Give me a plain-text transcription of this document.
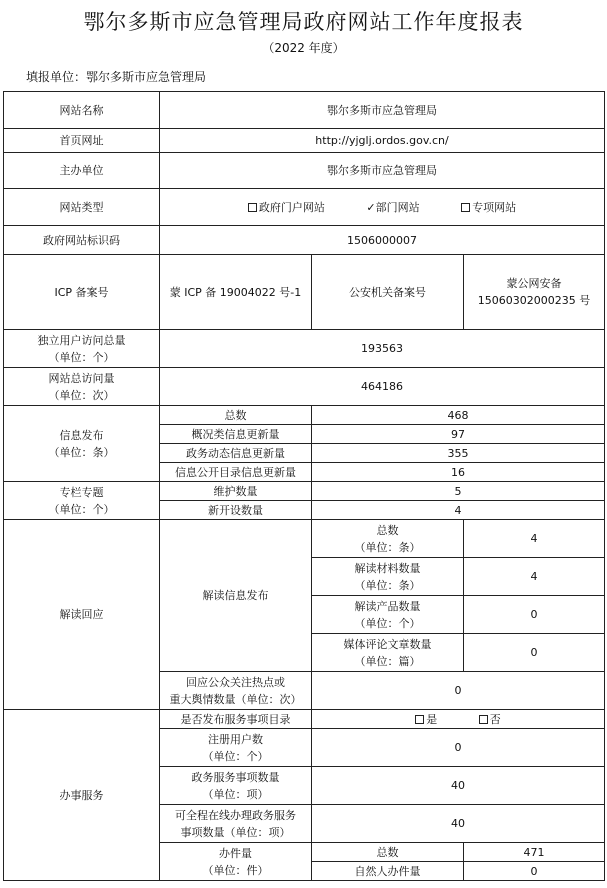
鄂尔多斯市应急管理局政府网站工作年度报表
（2022 年度）
填报单位：鄂尔多斯市应急管理局
网站名称	鄂尔多斯市应急管理局		
首页网址	http://yjglj.ordos.gov.cn/		
主办单位	鄂尔多斯市应急管理局		
网站类型	政府门户网站 ✓部门网站 专项网站		
政府网站标识码	1506000007		
ICP 备案号	蒙 ICP 备 19004022 号-1	公安机关备案号	蒙公网安备
15060302000235 号

独立用户访问总量
（单位：个）	193563		

网站总访问量
（单位：次）	464186		

信息发布
（单位：条）	总数	468	
	概况类信息更新量	97	
	政务动态信息更新量	355	
	信息公开目录信息更新量	16	

专栏专题
（单位：个）	维护数量	5	
	新开设数量	4	
解读回应	解读信息发布	总数
（单位：条）	4

		解读材料数量
（单位：条）	4

		解读产品数量
（单位：个）	0

		媒体评论文章数量
（单位：篇）	0

	回应公众关注热点或
重大舆情数量（单位：次）	0	
办事服务	是否发布服务事项目录	是 否	

	注册用户数
（单位：个）	0	

	政务服务事项数量
（单位：项）	40	

	可全程在线办理政务服务
事项数量（单位：项）	40	

	办件量
（单位：件）	总数	471
		自然人办件量	0
